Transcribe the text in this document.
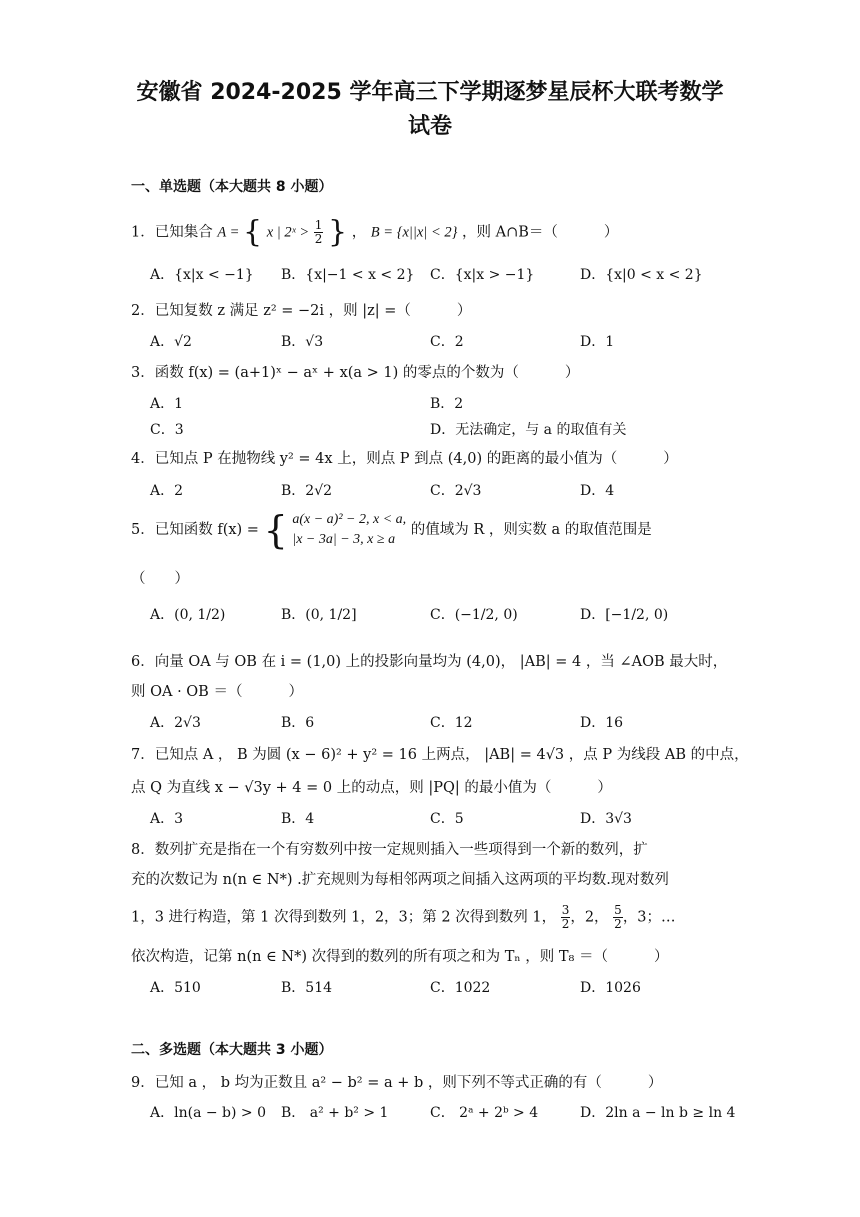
安徽省 2024-2025 学年高三下学期逐梦星辰杯大联考数学
试卷
一、单选题（本大题共 8 小题）
1．已知集合 A = { x | 2ˣ > $\frac{1}{2}$ } ， B = {x||x| < 2} ，则 A∩B＝（	）
A．{x|x < −1} B．{x|−1 < x < 2} C．{x|x > −1}	D．{x|0 < x < 2}
2．已知复数 z 满足 z² = −2i ，则 |z| =（	）
A．√2	B．√3	C．2	D．1
3．函数 f(x) = (a+1)ˣ − aˣ + x(a > 1) 的零点的个数为（	）
A．1	B．2
C．3	D．无法确定，与 a 的取值有关
4．已知点 P 在抛物线 y² = 4x 上，则点 P 到点 (4,0) 的距离的最小值为（	）
A．2	B．2√2	C．2√3	D．4
5．已知函数 f(x) = { a(x − a)² − 2, x < a,
|x − 3a| − 3, x ≥ a
的值域为 R ，则实数 a 的取值范围是
（　　）
A．(0, 1/2)	B．(0, 1/2]	C．(−1/2, 0)	D．[−1/2, 0)
6．向量 OA 与 OB 在 i = (1,0) 上的投影向量均为 (4,0)， |AB| = 4 ，当 ∠AOB 最大时，
则 OA · OB ＝（	）
A．2√3	B．6	C．12	D．16
7．已知点 A ， B 为圆 (x − 6)² + y² = 16 上两点， |AB| = 4√3 ，点 P 为线段 AB 的中点，
点 Q 为直线 x − √3y + 4 = 0 上的动点，则 |PQ| 的最小值为（	）
A．3	B．4	C．5	D．3√3
8．数列扩充是指在一个有穷数列中按一定规则插入一些项得到一个新的数列，扩
充的次数记为 n(n ∈ N*) .扩充规则为每相邻两项之间插入这两项的平均数.现对数列
1，3 进行构造，第 1 次得到数列 1，2，3；第 2 次得到数列 1， $\frac{3}{2}$ ，2， $\frac{5}{2}$ ，3；…
依次构造，记第 n(n ∈ N*) 次得到的数列的所有项之和为 Tₙ ，则 T₈ ＝（	）
A．510	B．514	C．1022	D．1026
二、多选题（本大题共 3 小题）
9．已知 a ， b 均为正数且 a² − b² = a + b ，则下列不等式正确的有（	）
A．ln(a − b) > 0 B． a² + b² > 1	C． 2ᵃ + 2ᵇ > 4	D．2ln a − ln b ≥ ln 4
